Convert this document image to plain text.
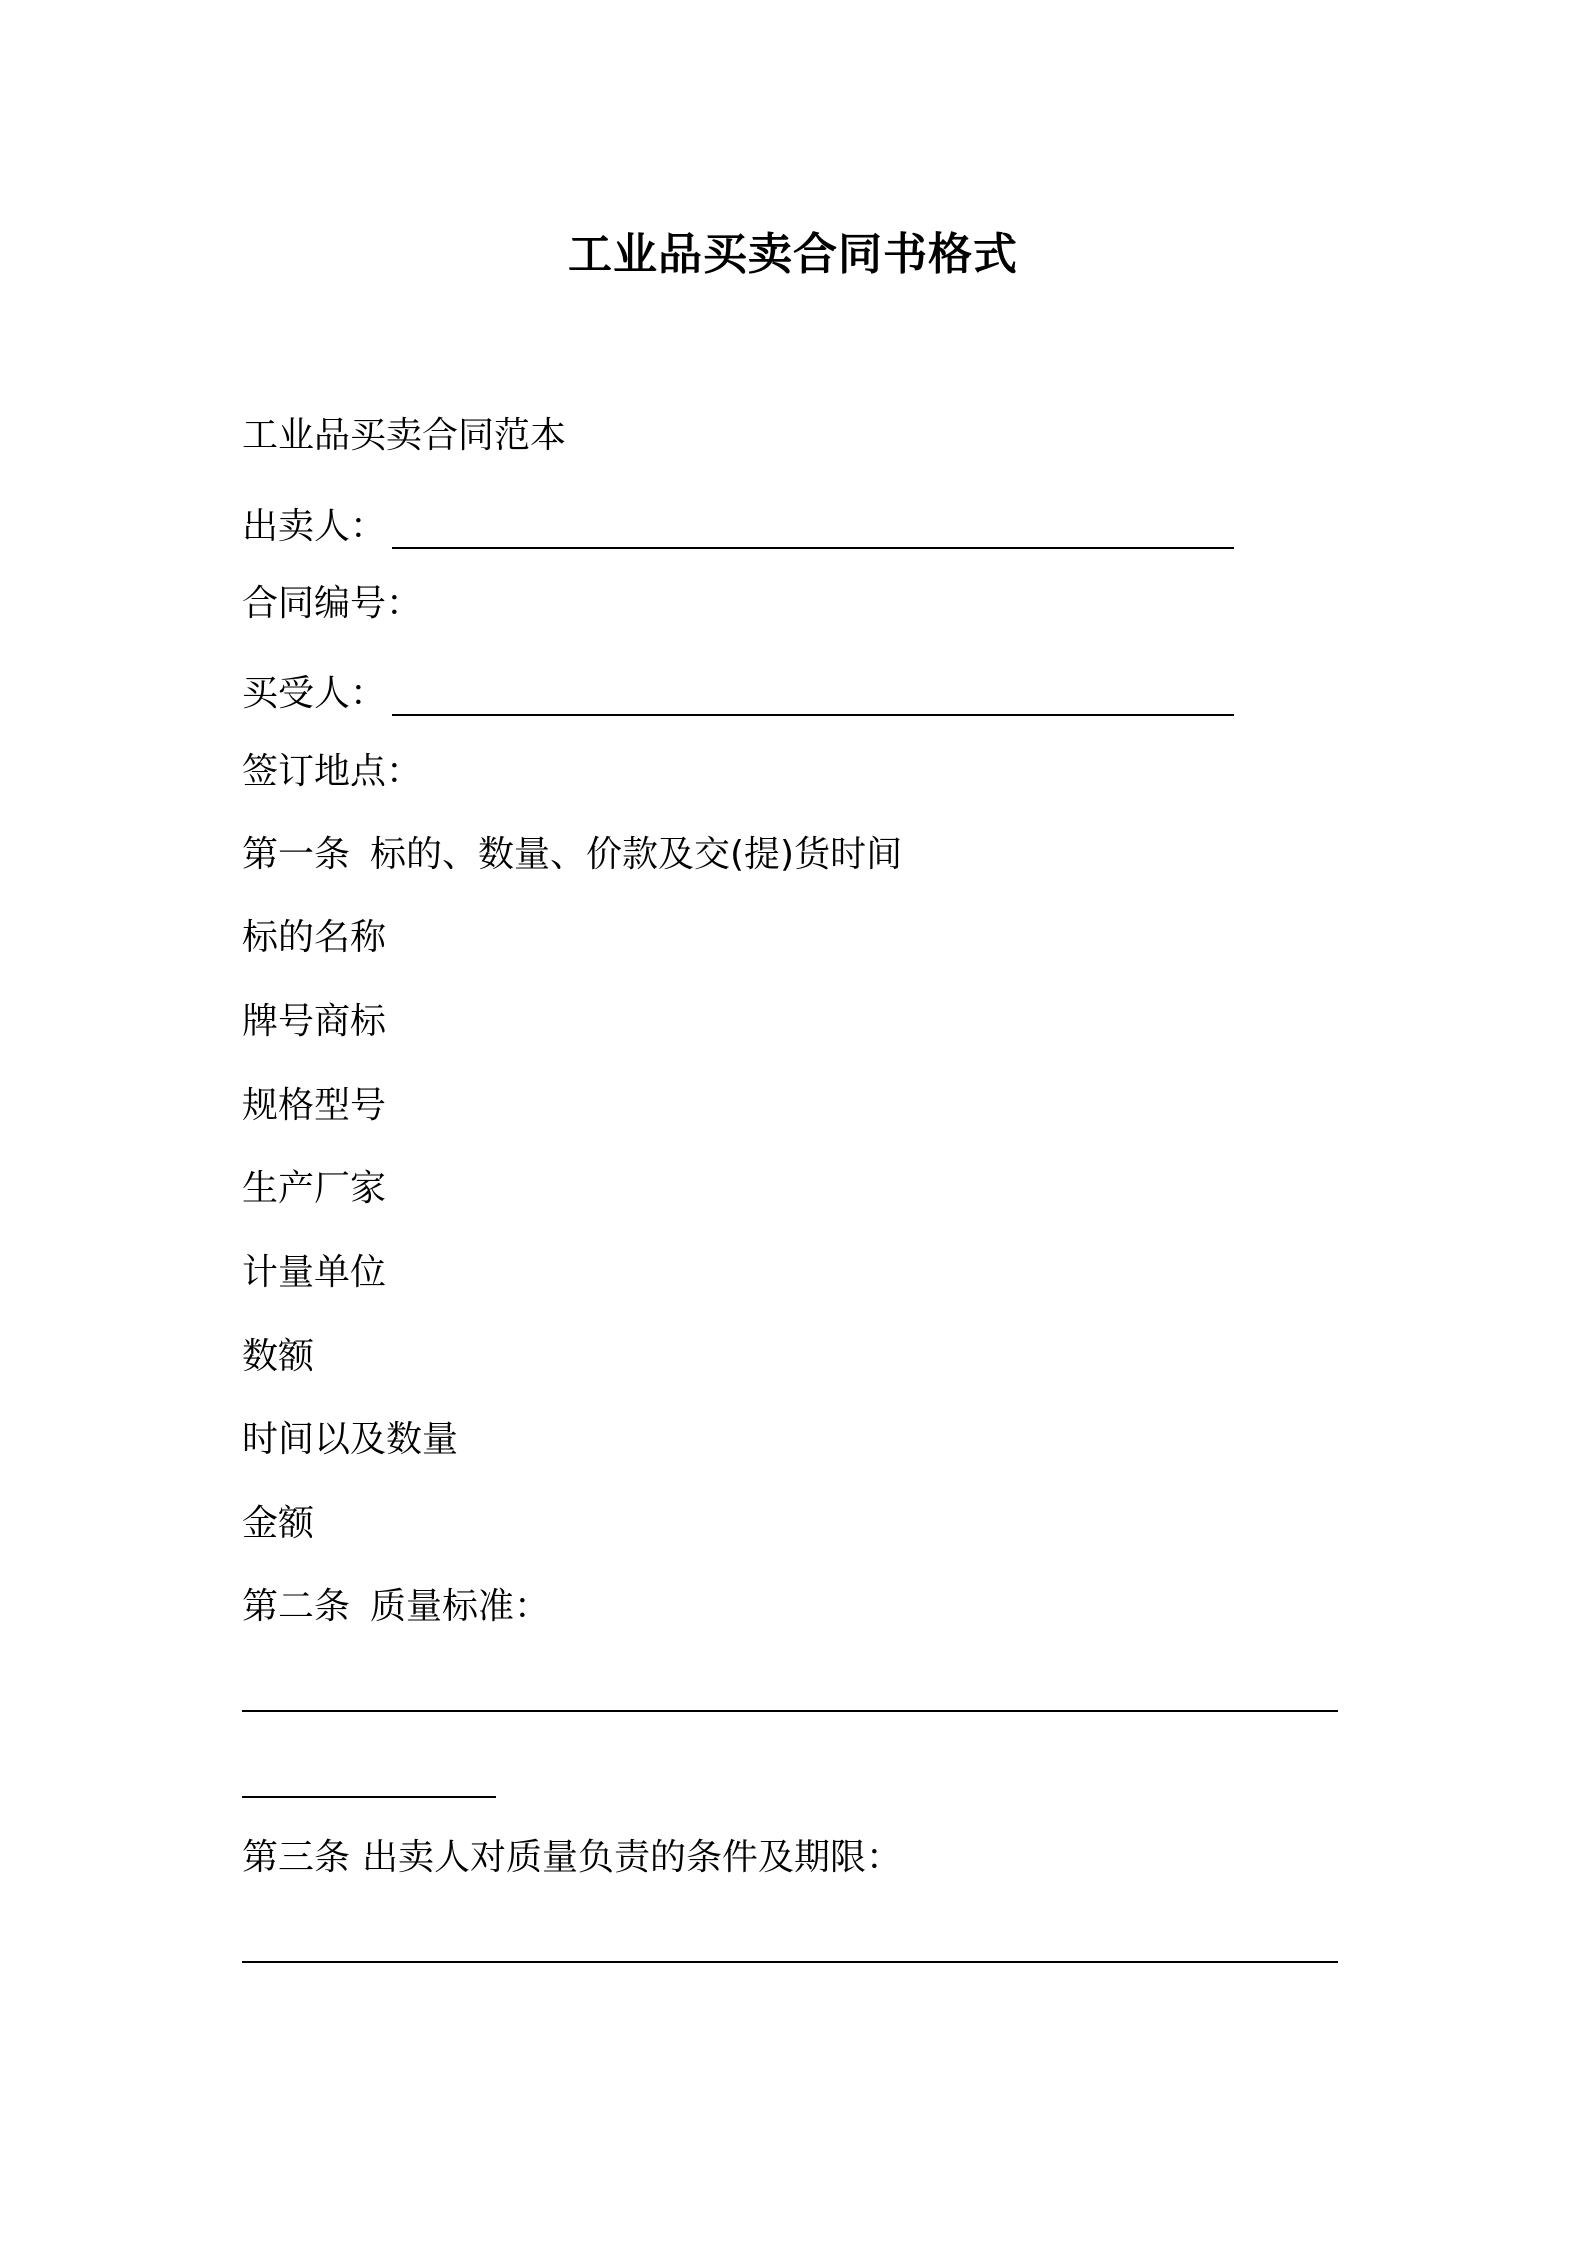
工业品买卖合同书格式
工业品买卖合同范本
出卖人：
合同编号：
买受人：
签订地点：
第一条 标的、数量、价款及交(提)货时间
标的名称
牌号商标
规格型号
生产厂家
计量单位
数额
时间以及数量
金额
第二条 质量标准：
第三条 出卖人对质量负责的条件及期限：
